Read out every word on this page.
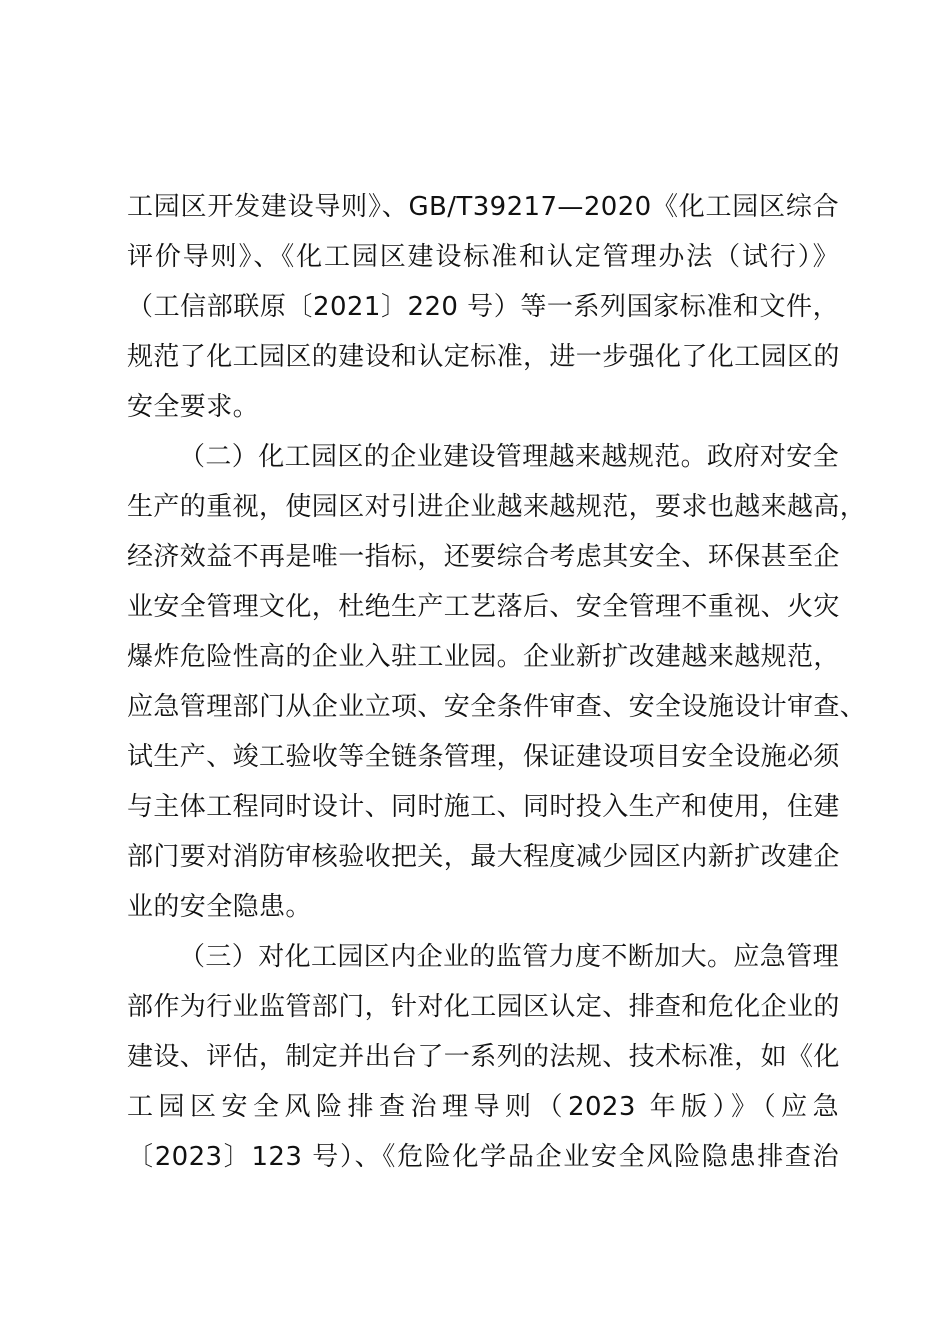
工园区开发建设导则》、GB/T39217—2020《化工园区综合
评价导则》、《化工园区建设标准和认定管理办法（试行）》
（工信部联原〔2021〕220 号）等一系列国家标准和文件，
规范了化工园区的建设和认定标准，进一步强化了化工园区的
安全要求。
（二）化工园区的企业建设管理越来越规范。政府对安全
生产的重视，使园区对引进企业越来越规范，要求也越来越高，
经济效益不再是唯一指标，还要综合考虑其安全、环保甚至企
业安全管理文化，杜绝生产工艺落后、安全管理不重视、火灾
爆炸危险性高的企业入驻工业园。企业新扩改建越来越规范，
应急管理部门从企业立项、安全条件审查、安全设施设计审查、
试生产、竣工验收等全链条管理，保证建设项目安全设施必须
与主体工程同时设计、同时施工、同时投入生产和使用，住建
部门要对消防审核验收把关，最大程度减少园区内新扩改建企
业的安全隐患。
（三）对化工园区内企业的监管力度不断加大。应急管理
部作为行业监管部门，针对化工园区认定、排查和危化企业的
建设、评估，制定并出台了一系列的法规、技术标准，如《化
工园区安全风险排查治理导则（2023 年版）》（应急
〔2023〕123 号）、《危险化学品企业安全风险隐患排查治
